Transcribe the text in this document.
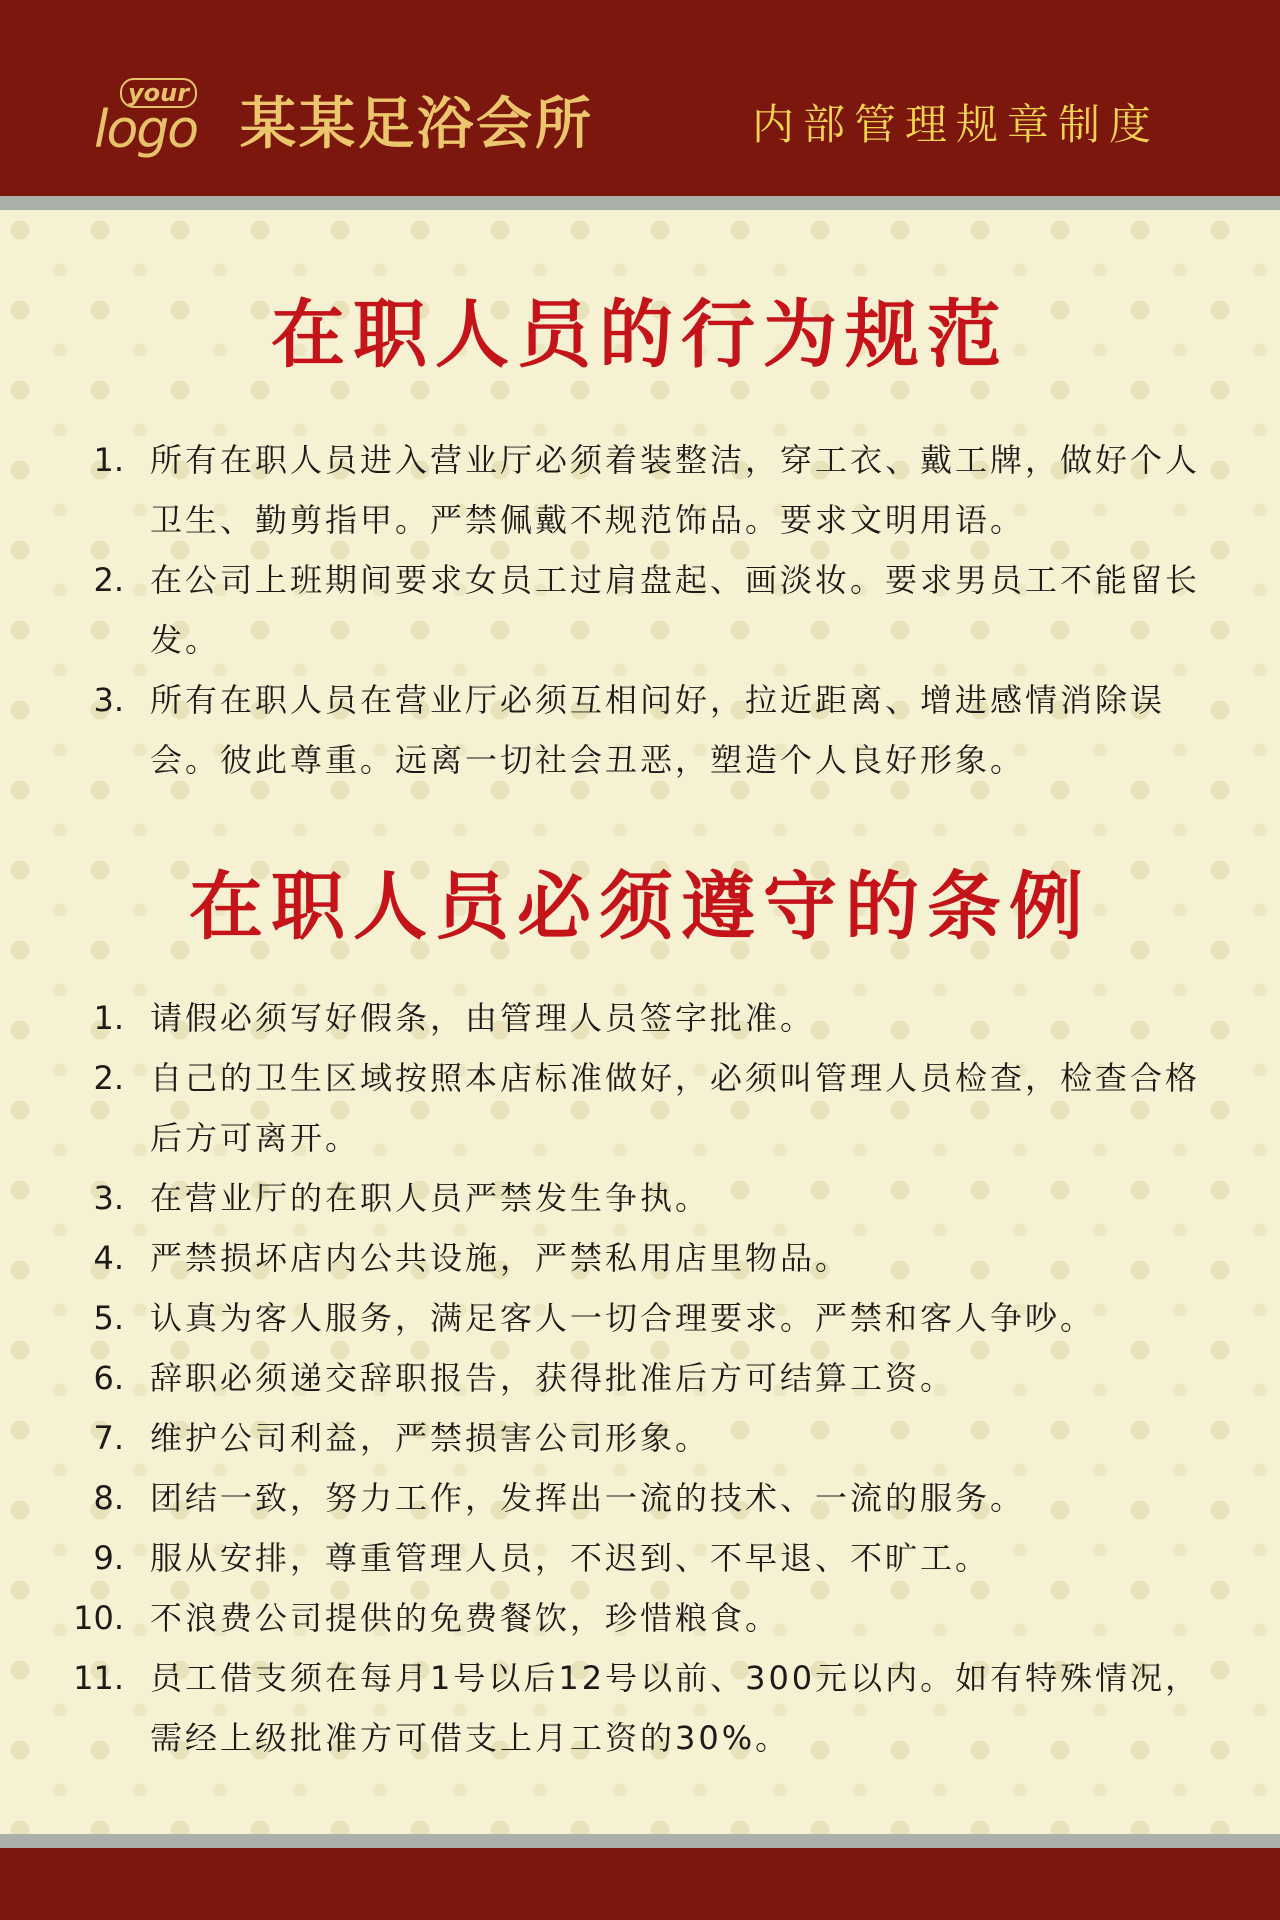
your
logo 某某足浴会所	内部管理规章制度
在职人员的行为规范
1. 所有在职人员进入营业厅必须着装整洁，穿工衣、戴工牌，做好个人卫生、勤剪指甲。严禁佩戴不规范饰品。要求文明用语。
2. 在公司上班期间要求女员工过肩盘起、画淡妆。要求男员工不能留长发。
3. 所有在职人员在营业厅必须互相问好，拉近距离、增进感情消除误会。彼此尊重。远离一切社会丑恶，塑造个人良好形象。
在职人员必须遵守的条例
1. 请假必须写好假条，由管理人员签字批准。
2. 自己的卫生区域按照本店标准做好，必须叫管理人员检查，检查合格后方可离开。
3. 在营业厅的在职人员严禁发生争执。
4. 严禁损坏店内公共设施，严禁私用店里物品。
5. 认真为客人服务，满足客人一切合理要求。严禁和客人争吵。
6. 辞职必须递交辞职报告，获得批准后方可结算工资。
7. 维护公司利益，严禁损害公司形象。
8. 团结一致，努力工作，发挥出一流的技术、一流的服务。
9. 服从安排，尊重管理人员，不迟到、不早退、不旷工。
10. 不浪费公司提供的免费餐饮，珍惜粮食。
11. 员工借支须在每月1号以后12号以前、300元以内。如有特殊情况，需经上级批准方可借支上月工资的30%。
